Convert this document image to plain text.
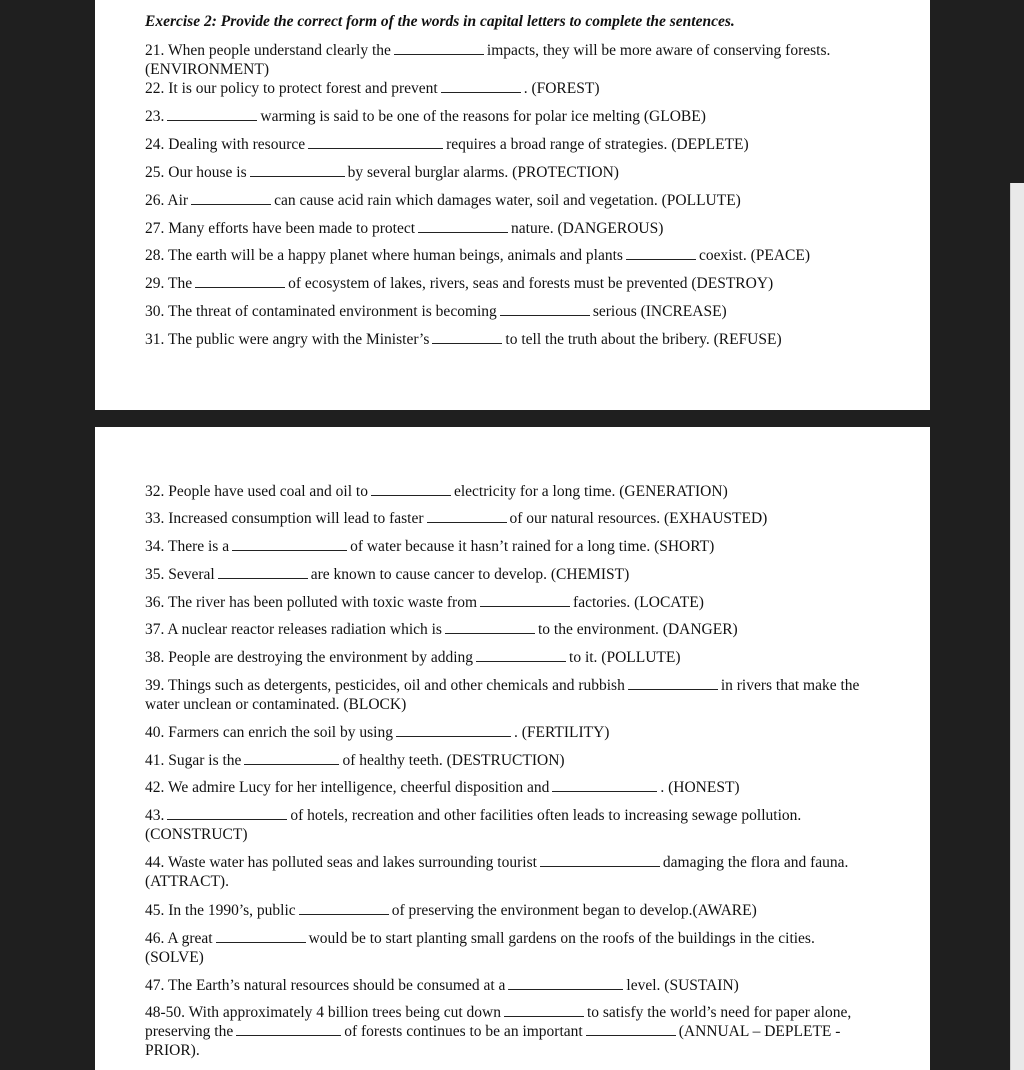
Exercise 2: Provide the correct form of the words in capital letters to complete the sentences.
21. When people understand clearly the	impacts, they will be more aware of conserving forests. (ENVIRONMENT)
22. It is our policy to protect forest and prevent	. (FOREST)
23.	warming is said to be one of the reasons for polar ice melting (GLOBE)
24. Dealing with resource	requires a broad range of strategies. (DEPLETE)
25. Our house is	by several burglar alarms. (PROTECTION)
26. Air	can cause acid rain which damages water, soil and vegetation. (POLLUTE)
27. Many efforts have been made to protect	nature. (DANGEROUS)
28. The earth will be a happy planet where human beings, animals and plants	coexist. (PEACE)
29. The	of ecosystem of lakes, rivers, seas and forests must be prevented (DESTROY)
30. The threat of contaminated environment is becoming	serious (INCREASE)
31. The public were angry with the Minister’s	to tell the truth about the bribery. (REFUSE)
32. People have used coal and oil to	electricity for a long time. (GENERATION)
33. Increased consumption will lead to faster	of our natural resources. (EXHAUSTED)
34. There is a	of water because it hasn’t rained for a long time. (SHORT)
35. Several	are known to cause cancer to develop. (CHEMIST)
36. The river has been polluted with toxic waste from	factories. (LOCATE)
37. A nuclear reactor releases radiation which is	to the environment. (DANGER)
38. People are destroying the environment by adding	to it. (POLLUTE)
39. Things such as detergents, pesticides, oil and other chemicals and rubbish	in rivers that make the water unclean or contaminated. (BLOCK)
40. Farmers can enrich the soil by using	. (FERTILITY)
41. Sugar is the	of healthy teeth. (DESTRUCTION)
42. We admire Lucy for her intelligence, cheerful disposition and	. (HONEST)
43.	of hotels, recreation and other facilities often leads to increasing sewage pollution. (CONSTRUCT)
44. Waste water has polluted seas and lakes surrounding tourist	damaging the flora and fauna. (ATTRACT).
45. In the 1990’s, public	of preserving the environment began to develop.(AWARE)
46. A great	would be to start planting small gardens on the roofs of the buildings in the cities. (SOLVE)
47. The Earth’s natural resources should be consumed at a	level. (SUSTAIN)
48-50. With approximately 4 billion trees being cut down	to satisfy the world’s need for paper alone, preserving the	of forests continues to be an important	(ANNUAL – DEPLETE - PRIOR).
